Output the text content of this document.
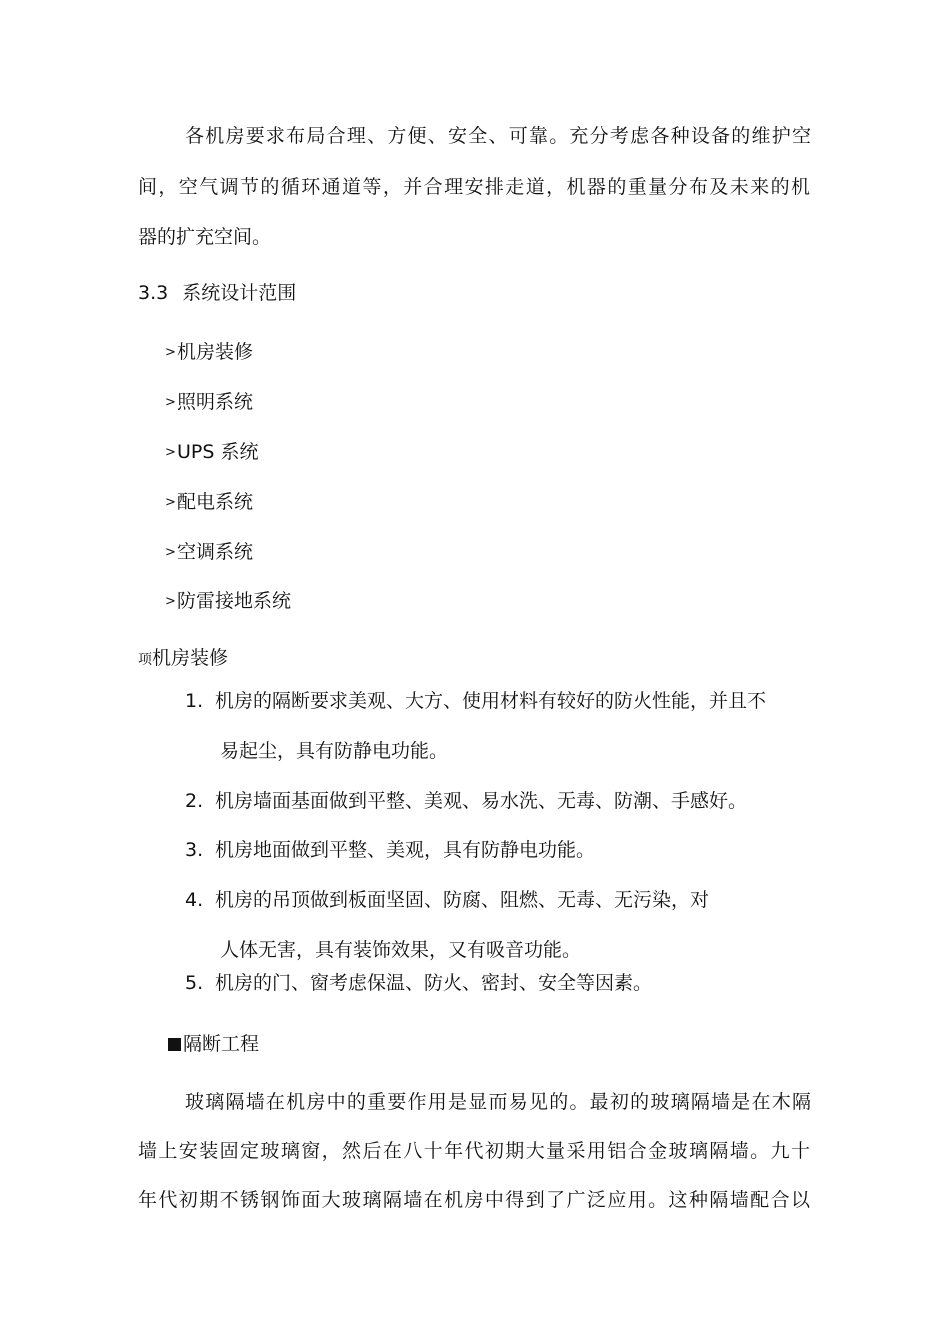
各机房要求布局合理、方便、安全、可靠。充分考虑各种设备的维护空
间，空气调节的循环通道等，并合理安排走道，机器的重量分布及未来的机
器的扩充空间。
3.3 系统设计范围
>机房装修
>照明系统
>UPS 系统
>配电系统
>空调系统
>防雷接地系统
项机房装修
1. 机房的隔断要求美观、大方、使用材料有较好的防火性能，并且不
易起尘，具有防静电功能。
2. 机房墙面基面做到平整、美观、易水洗、无毒、防潮、手感好。
3. 机房地面做到平整、美观，具有防静电功能。
4. 机房的吊顶做到板面坚固、防腐、阻燃、无毒、无污染，对
人体无害，具有装饰效果，又有吸音功能。
5. 机房的门、窗考虑保温、防火、密封、安全等因素。
隔断工程
玻璃隔墙在机房中的重要作用是显而易见的。最初的玻璃隔墙是在木隔
墙上安装固定玻璃窗，然后在八十年代初期大量采用铝合金玻璃隔墙。九十
年代初期不锈钢饰面大玻璃隔墙在机房中得到了广泛应用。这种隔墙配合以
